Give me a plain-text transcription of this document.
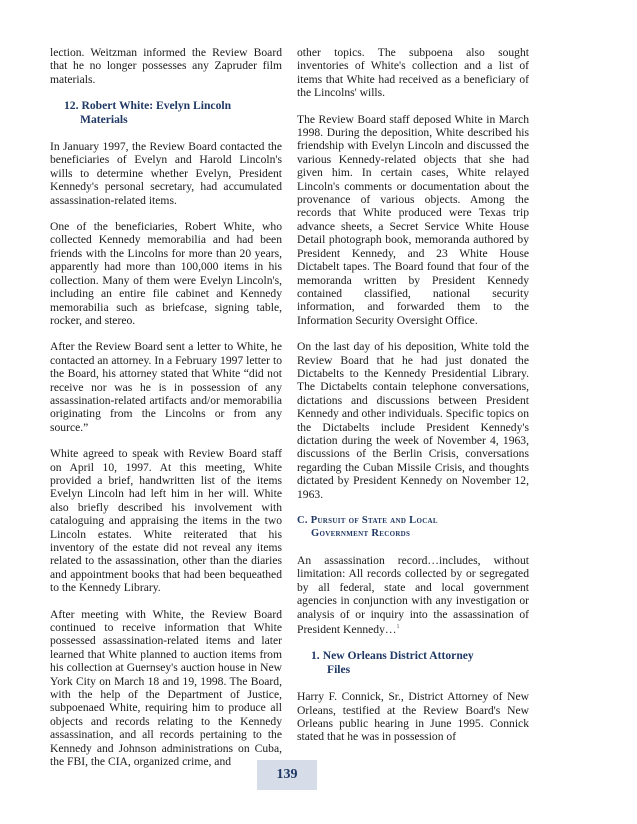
lection. Weitzman informed the Review Board that he no longer possesses any Zapruder film materials.

12. Robert White: Evelyn Lincoln
Materials

In January 1997, the Review Board contacted the beneficiaries of Evelyn and Harold Lincoln's wills to determine whether Evelyn, President Kennedy's personal secretary, had accumulated assassination-related items.

One of the beneficiaries, Robert White, who collected Kennedy memorabilia and had been friends with the Lincolns for more than 20 years, apparently had more than 100,000 items in his collection. Many of them were Evelyn Lincoln's, including an entire file cabinet and Kennedy memorabilia such as briefcase, signing table, rocker, and stereo.

After the Review Board sent a letter to White, he contacted an attorney. In a February 1997 letter to the Board, his attorney stated that White “did not receive nor was he is in possession of any assassination-related artifacts and/or memorabilia originating from the Lincolns or from any source.”

White agreed to speak with Review Board staff on April 10, 1997. At this meeting, White provided a brief, handwritten list of the items Evelyn Lincoln had left him in her will. White also briefly described his involvement with cataloguing and appraising the items in the two Lincoln estates. White reiterated that his inventory of the estate did not reveal any items related to the assassination, other than the diaries and appointment books that had been bequeathed to the Kennedy Library.

After meeting with White, the Review Board continued to receive information that White possessed assassination-related items and later learned that White planned to auction items from his collection at Guernsey's auction house in New York City on March 18 and 19, 1998. The Board, with the help of the Department of Justice, subpoenaed White, requiring him to produce all objects and records relating to the Kennedy assassination, and all records pertaining to the Kennedy and Johnson administrations on Cuba, the FBI, the CIA, organized crime, and

other topics. The subpoena also sought inventories of White's collection and a list of items that White had received as a beneficiary of the Lincolns' wills.

The Review Board staff deposed White in March 1998. During the deposition, White described his friendship with Evelyn Lincoln and discussed the various Kennedy-related objects that she had given him. In certain cases, White relayed Lincoln's comments or documentation about the provenance of various objects. Among the records that White produced were Texas trip advance sheets, a Secret Service White House Detail photograph book, memoranda authored by President Kennedy, and 23 White House Dictabelt tapes. The Board found that four of the memoranda written by President Kennedy contained classified, national security information, and forwarded them to the Information Security Oversight Office.

On the last day of his deposition, White told the Review Board that he had just donated the Dictabelts to the Kennedy Presidential Library. The Dictabelts contain telephone conversations, dictations and discussions between President Kennedy and other individuals. Specific topics on the Dictabelts include President Kennedy's dictation during the week of November 4, 1963, discussions of the Berlin Crisis, conversations regarding the Cuban Missile Crisis, and thoughts dictated by President Kennedy on November 12, 1963.

C. Pursuit of State and Local
Government Records

An assassination record…includes, without limitation: All records collected by or segregated by all federal, state and local government agencies in conjunction with any investigation or analysis of or inquiry into the assassination of President Kennedy…$^1$

1. New Orleans District Attorney
Files

Harry F. Connick, Sr., District Attorney of New Orleans, testified at the Review Board's New Orleans public hearing in June 1995. Connick stated that he was in possession of

139
